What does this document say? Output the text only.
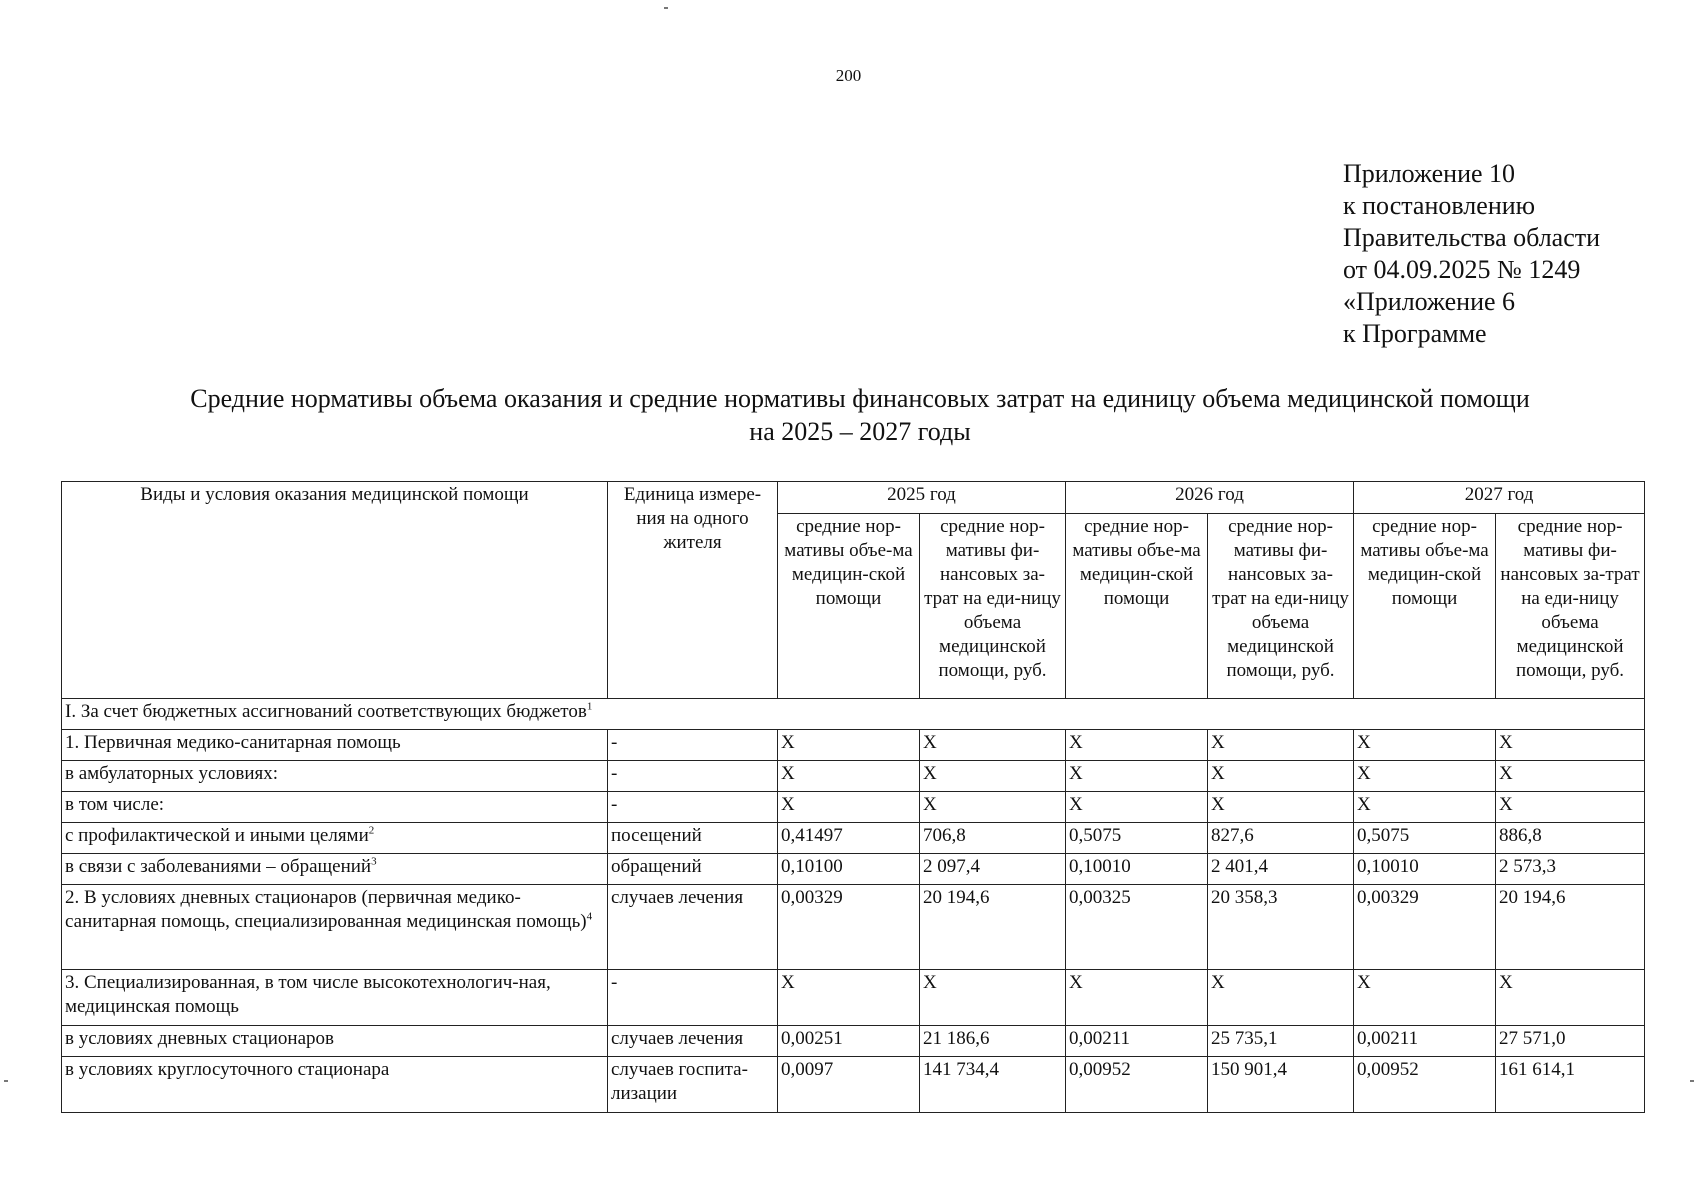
200
Приложение 10
к постановлению
Правительства области
от 04.09.2025 № 1249
«Приложение 6
к Программе
Средние нормативы объема оказания и средние нормативы финансовых затрат на единицу объема медицинской помощи
на 2025 – 2027 годы
Виды и условия оказания медицинской помощи	Единица измере-ния на одного жителя	2025 год		2026 год		2027 год	
		средние нор-мативы объе-ма медицин-ской помощи	средние нор-мативы фи-нансовых за-трат на еди-ницу объема медицинской помощи, руб.	средние нор-мативы объе-ма медицин-ской помощи	средние нор-мативы фи-нансовых за-трат на еди-ницу объема медицинской помощи, руб.	средние нор-мативы объе-ма медицин-ской помощи	средние нор-мативы фи-нансовых за-трат на еди-ницу объема медицинской помощи, руб.
I. За счет бюджетных ассигнований соответствующих бюджетов$^1$
1. Первичная медико-санитарная помощь	-	Х	Х	Х	Х	Х	Х
в амбулаторных условиях:	-	Х	Х	Х	Х	Х	Х
в том числе:	-	Х	Х	Х	Х	Х	Х
с профилактической и иными целями$^2$	посещений	0,41497	706,8	0,5075	827,6	0,5075	886,8
в связи с заболеваниями – обращений$^3$	обращений	0,10100	2 097,4	0,10010	2 401,4	0,10010	2 573,3
2. В условиях дневных стационаров (первичная медико-санитарная помощь, специализированная медицинская помощь)$^4$	случаев лечения	0,00329	20 194,6	0,00325	20 358,3	0,00329	20 194,6
3. Специализированная, в том числе высокотехнологич-ная, медицинская помощь	-	Х	Х	Х	Х	Х	Х
в условиях дневных стационаров	случаев лечения	0,00251	21 186,6	0,00211	25 735,1	0,00211	27 571,0
в условиях круглосуточного стационара	случаев госпита-лизации	0,0097	141 734,4	0,00952	150 901,4	0,00952	161 614,1
